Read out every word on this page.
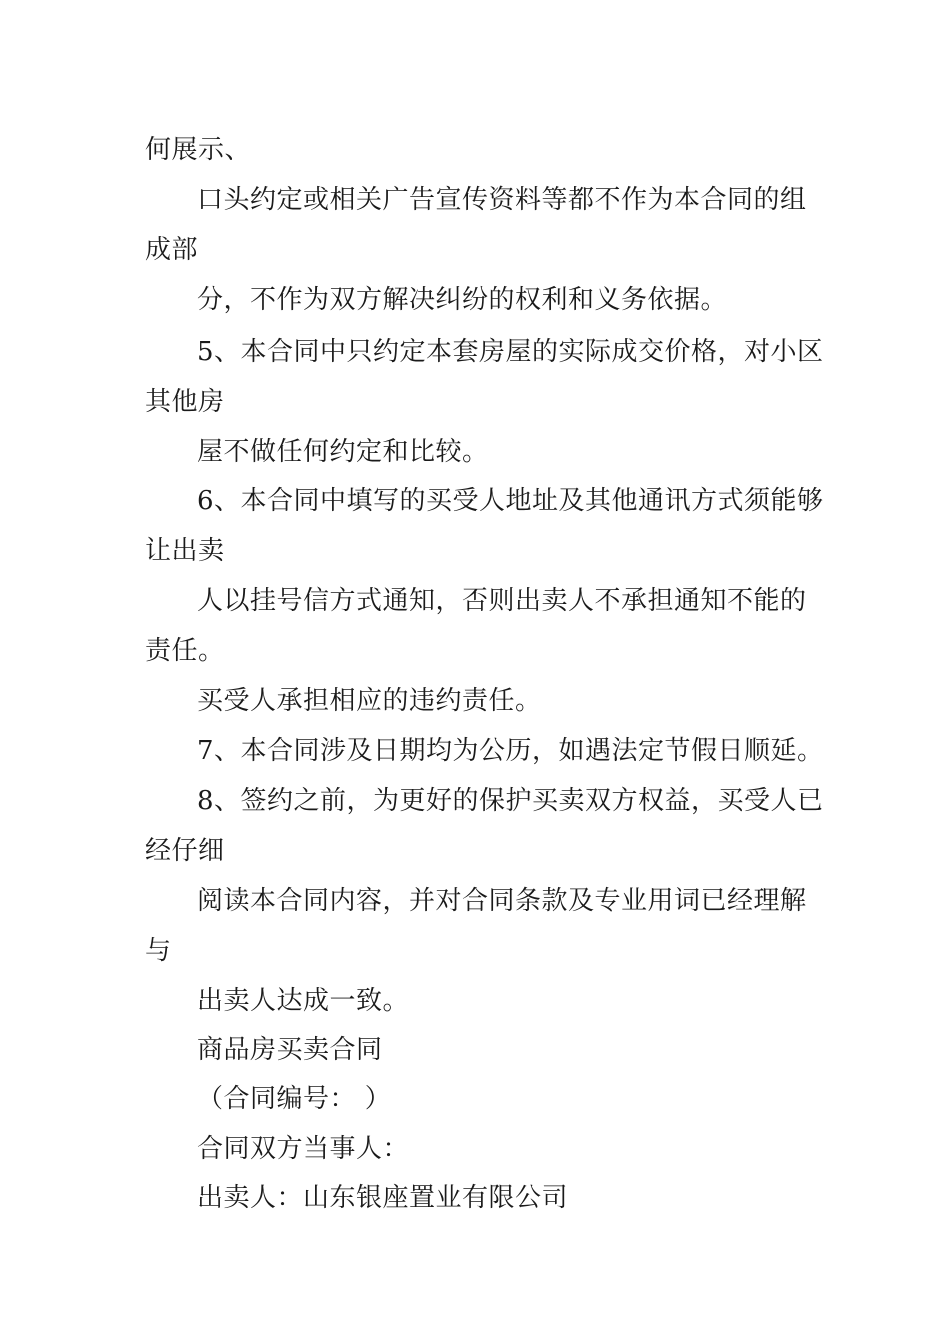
何展示、
口头约定或相关广告宣传资料等都不作为本合同的组
成部
分，不作为双方解决纠纷的权利和义务依据。
5、本合同中只约定本套房屋的实际成交价格，对小区
其他房
屋不做任何约定和比较。
6、本合同中填写的买受人地址及其他通讯方式须能够
让出卖
人以挂号信方式通知，否则出卖人不承担通知不能的
责任。
买受人承担相应的违约责任。
7、本合同涉及日期均为公历，如遇法定节假日顺延。
8、签约之前，为更好的保护买卖双方权益，买受人已
经仔细
阅读本合同内容，并对合同条款及专业用词已经理解
与
出卖人达成一致。
商品房买卖合同
（合同编号： ）
合同双方当事人：
出卖人：山东银座置业有限公司
